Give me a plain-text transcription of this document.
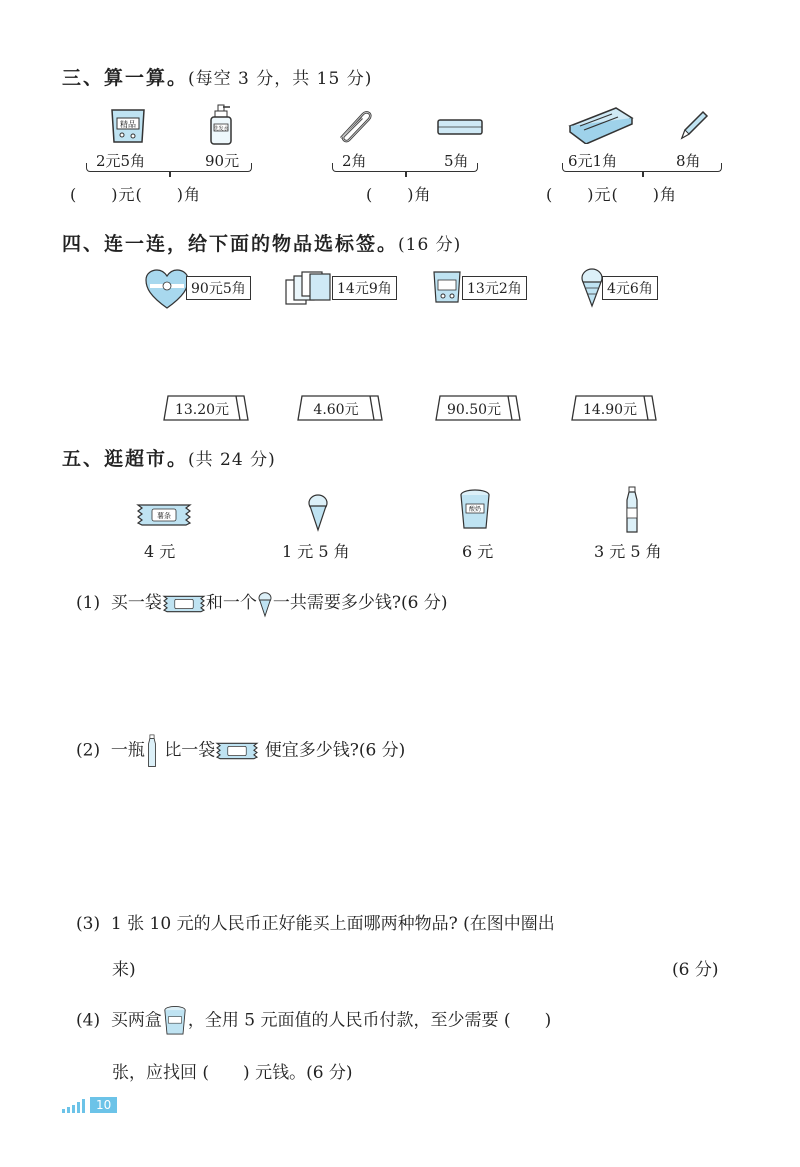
三、算一算。(每空 3 分，共 15 分)
精品	洗发水
2元5角	90元
(　　)元(　　)角
2角	5角
(　　)角
6元1角	8角
(　　)元(　　)角
四、连一连，给下面的物品选标签。(16 分)
90元5角	14元9角	13元2角	4元6角
13.20元	4.60元	90.50元	14.90元
五、逛超市。(共 24 分)
薯条
酸奶
4 元	1 元 5 角	6 元	3 元 5 角
(1) 买一袋	和一个 一共需要多少钱?(6 分)
(2) 一瓶 比一袋	便宜多少钱?(6 分)
(3) 1 张 10 元的人民币正好能买上面哪两种物品? (在图中圈出
来)	(6 分)
(4) 买两盒 ，全用 5 元面值的人民币付款，至少需要 (　　)
张，应找回 (　　) 元钱。(6 分)
10
